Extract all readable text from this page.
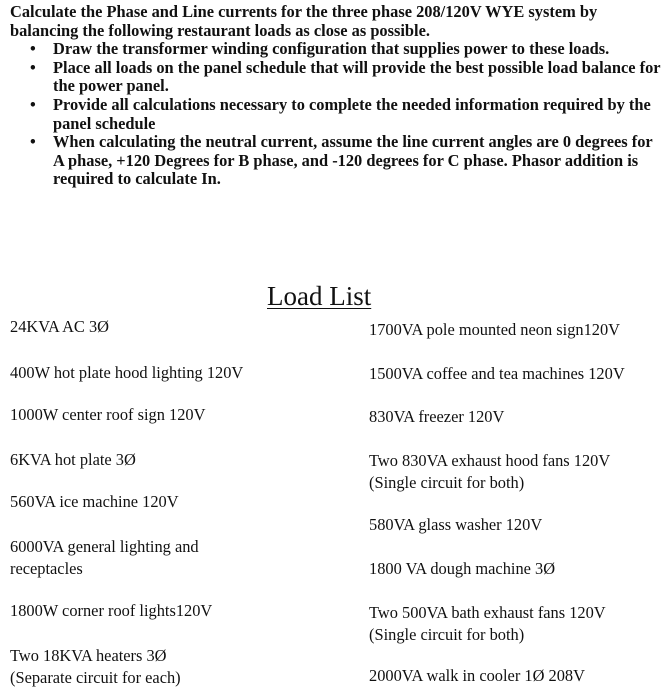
Calculate the Phase and Line currents for the three phase 208/120V WYE system by balancing the following restaurant loads as close as possible.

• Draw the transformer winding configuration that supplies power to these loads.
• Place all loads on the panel schedule that will provide the best possible load balance for the power panel.
• Provide all calculations necessary to complete the needed information required by the panel schedule
• When calculating the neutral current, assume the line current angles are 0 degrees for A phase, +120 Degrees for B phase, and -120 degrees for C phase. Phasor addition is required to calculate In.
Load List
24KVA AC 3Ø
400W hot plate hood lighting 120V
1000W center roof sign 120V
6KVA hot plate 3Ø
560VA ice machine 120V
6000VA general lighting and
receptacles
1800W corner roof lights120V
Two 18KVA heaters 3Ø
(Separate circuit for each)
1700VA pole mounted neon sign120V
1500VA coffee and tea machines 120V
830VA freezer 120V
Two 830VA exhaust hood fans 120V
(Single circuit for both)
580VA glass washer 120V
1800 VA dough machine 3Ø
Two 500VA bath exhaust fans 120V
(Single circuit for both)
2000VA walk in cooler 1Ø 208V
